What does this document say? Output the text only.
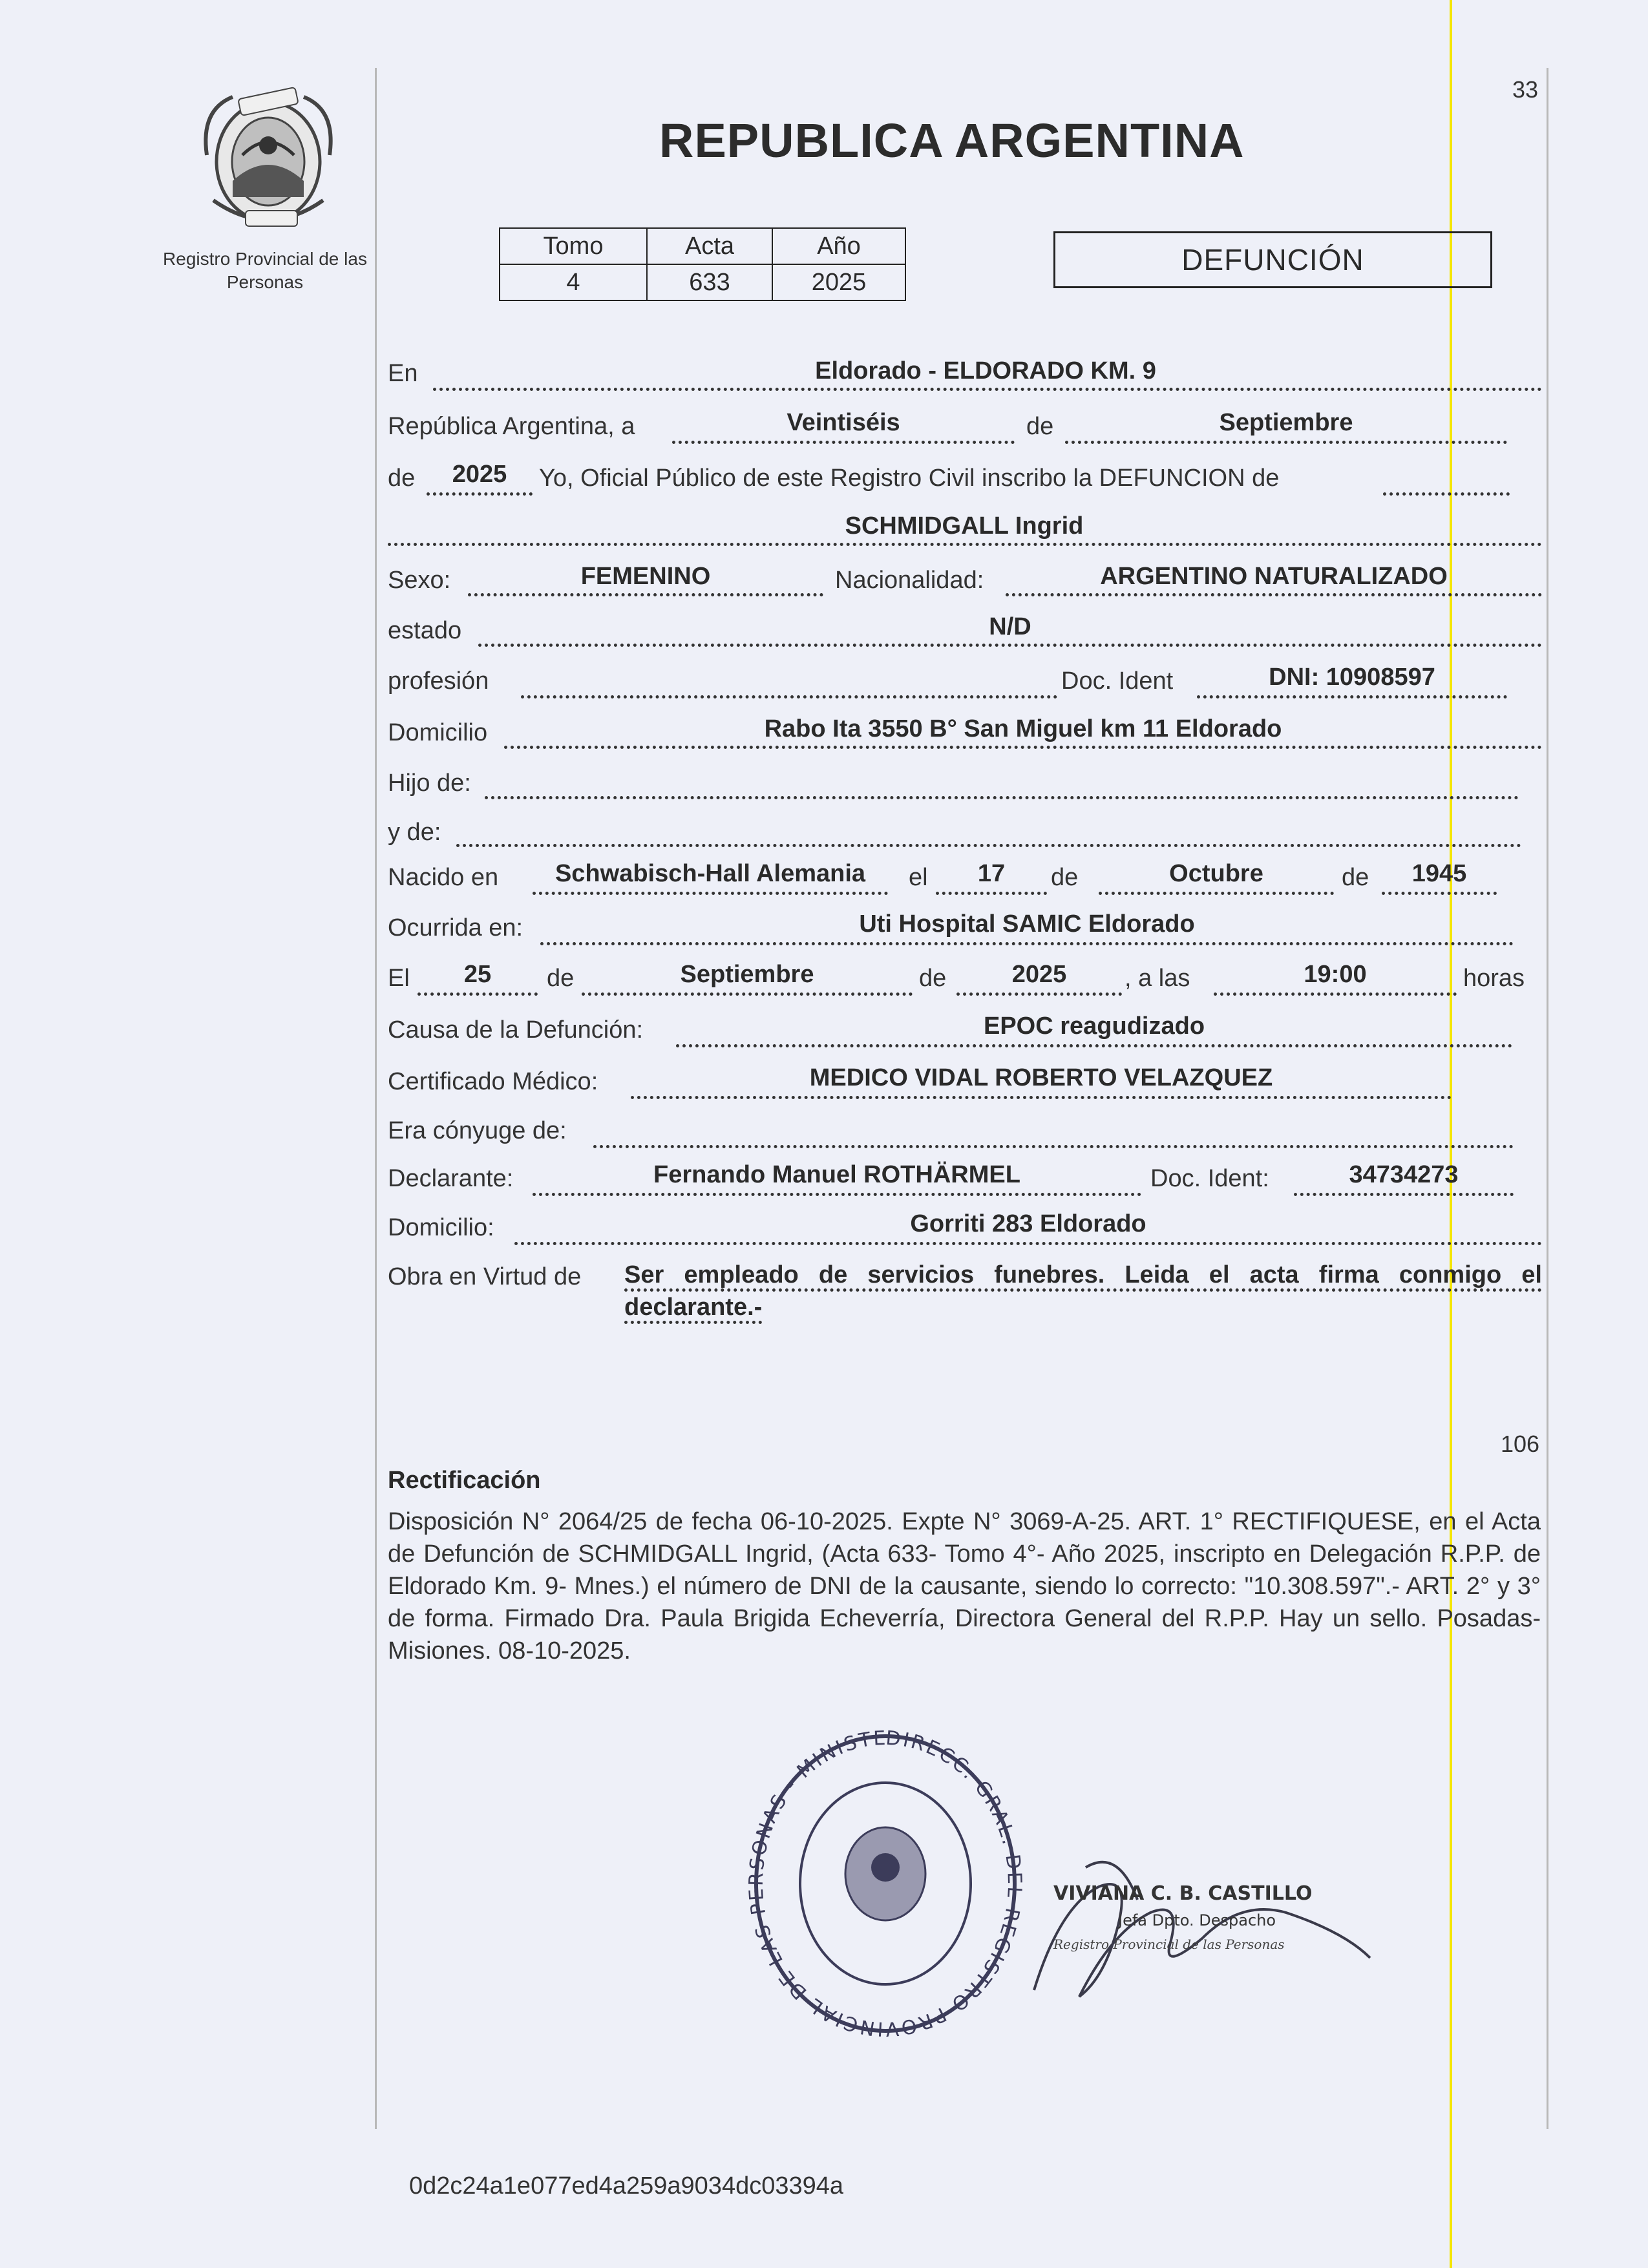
33
Registro Provincial de las Personas
REPUBLICA ARGENTINA
Tomo	Acta	Año
4	633	2025
DEFUNCIÓN
En	Eldorado - ELDORADO KM. 9
República Argentina, a	Veintiséis	de	Septiembre
de	2025	Yo, Oficial Público de este Registro Civil inscribo la DEFUNCION de
SCHMIDGALL Ingrid
Sexo:	FEMENINO	Nacionalidad:	ARGENTINO NATURALIZADO
estado	N/D
profesión	Doc. Ident	DNI: 10908597
Domicilio	Rabo Ita 3550 B° San Miguel km 11 Eldorado
Hijo de:
y de:
Nacido en	Schwabisch-Hall Alemania	el	17	de	Octubre	de	1945
Ocurrida en:	Uti Hospital SAMIC Eldorado
El	25	de	Septiembre	de	2025	, a las	19:00	horas
Causa de la Defunción:	EPOC reagudizado
Certificado Médico:	MEDICO VIDAL ROBERTO VELAZQUEZ
Era cónyuge de:
Declarante:	Fernando Manuel ROTHÄRMEL	Doc. Ident:	34734273
Domicilio:	Gorriti 283 Eldorado
Obra en Virtud de Ser empleado de servicios funebres. Leida el acta firma conmigo el declarante.-
106
Rectificación
Disposición N° 2064/25 de fecha 06-10-2025. Expte N° 3069-A-25. ART. 1° RECTIFIQUESE, en el Acta de Defunción de SCHMIDGALL Ingrid, (Acta 633- Tomo 4°- Año 2025, inscripto en Delegación R.P.P. de Eldorado Km. 9- Mnes.) el número de DNI de la causante, siendo lo correcto: "10.308.597".- ART. 2° y 3° de forma. Firmado Dra. Paula Brigida Echeverría, Directora General del R.P.P. Hay un sello. Posadas- Misiones. 08-10-2025.
DIRECC. GRAL. DEL REGISTRO PROVINCIAL DE LAS PERSONAS - MINISTE
VIVIANA C. B. CASTILLO
Jefa Dpto. Despacho
Registro Provincial de las Personas
0d2c24a1e077ed4a259a9034dc03394a
